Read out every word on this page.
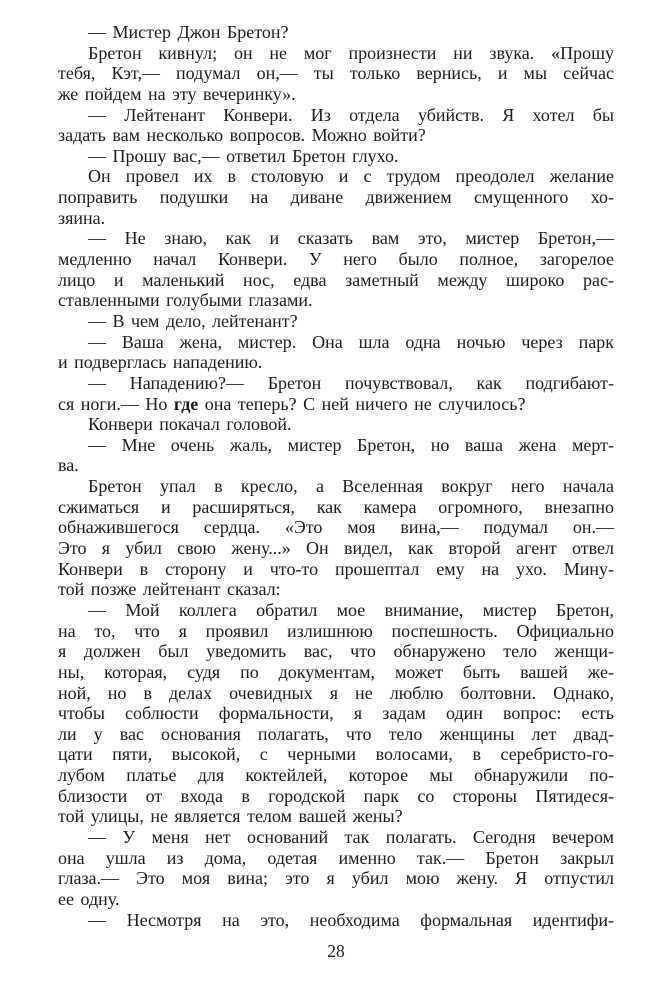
— Мистер Джон Бретон?
Бретон кивнул; он не мог произнести ни звука. «Прошу
тебя, Кэт,— подумал он,— ты только вернись, и мы сейчас
же пойдем на эту вечеринку».
— Лейтенант Конвери. Из отдела убийств. Я хотел бы
задать вам несколько вопросов. Можно войти?
— Прошу вас,— ответил Бретон глухо.
Он провел их в столовую и с трудом преодолел желание
поправить подушки на диване движением смущенного хо-
зяина.
— Не знаю, как и сказать вам это, мистер Бретон,—
медленно начал Конвери. У него было полное, загорелое
лицо и маленький нос, едва заметный между широко рас-
ставленными голубыми глазами.
— В чем дело, лейтенант?
— Ваша жена, мистер. Она шла одна ночью через парк
и подверглась нападению.
— Нападению?— Бретон почувствовал, как подгибают-
ся ноги.— Но где она теперь? С ней ничего не случилось?
Конвери покачал головой.
— Мне очень жаль, мистер Бретон, но ваша жена мерт-
ва.
Бретон упал в кресло, а Вселенная вокруг него начала
сжиматься и расширяться, как камера огромного, внезапно
обнажившегося сердца. «Это моя вина,— подумал он.—
Это я убил свою жену...» Он видел, как второй агент отвел
Конвери в сторону и что-то прошептал ему на ухо. Мину-
той позже лейтенант сказал:
— Мой коллега обратил мое внимание, мистер Бретон,
на то, что я проявил излишнюю поспешность. Официально
я должен был уведомить вас, что обнаружено тело женщи-
ны, которая, судя по документам, может быть вашей же-
ной, но в делах очевидных я не люблю болтовни. Однако,
чтобы соблюсти формальности, я задам один вопрос: есть
ли у вас основания полагать, что тело женщины лет двад-
цати пяти, высокой, с черными волосами, в серебристо-го-
лубом платье для коктейлей, которое мы обнаружили по-
близости от входа в городской парк со стороны Пятидеся-
той улицы, не является телом вашей жены?
— У меня нет оснований так полагать. Сегодня вечером
она ушла из дома, одетая именно так.— Бретон закрыл
глаза.— Это моя вина; это я убил мою жену. Я отпустил
ее одну.
— Несмотря на это, необходима формальная идентифи-
28
